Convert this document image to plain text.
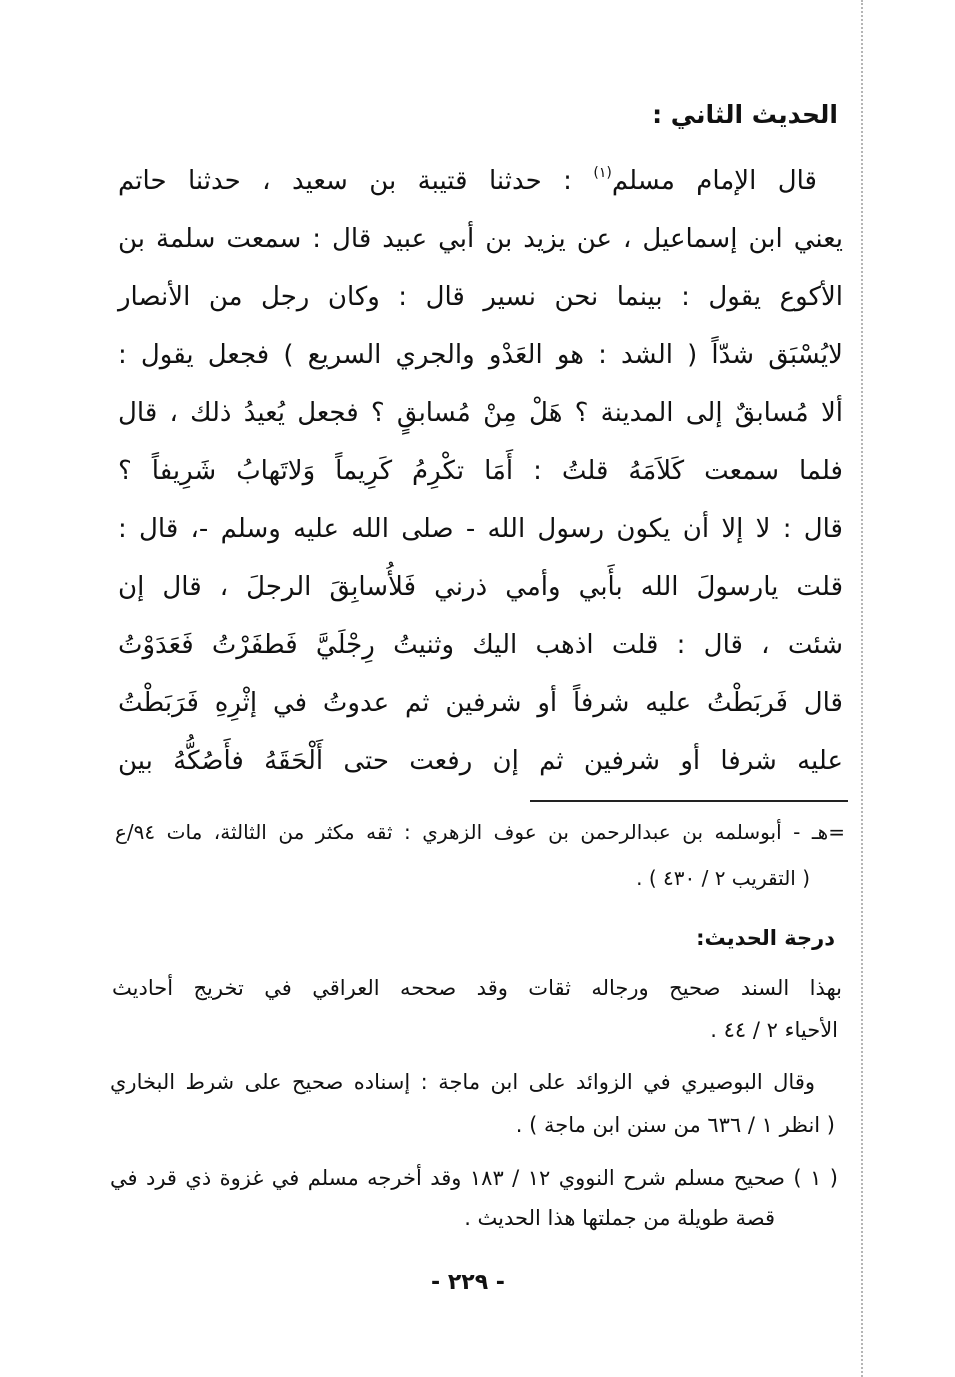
الحديث الثاني :
قال الإمام مسلم$^{(١)}$ : حدثنا قتيبة بن سعيد ، حدثنا حاتم
يعني ابن إسماعيل ، عن يزيد بن أبي عبيد قال : سمعت سلمة بن
الأكوع يقول : بينما نحن نسير قال : وكان رجل من الأنصار
لايُسْبَق شدّاً ( الشد : هو العَدْو والجري السريع ) فجعل يقول :
ألا مُسابقٌ إلى المدينة ؟ هَلْ مِنْ مُسابقٍ ؟ فجعل يُعيدُ ذلك ، قال
فلما سمعت كَلاَمَهُ قلتُ : أَمَا تكْرِمُ كَرِيماً وَلاتَهابُ شَرِيفاً ؟
قال : لا إلا أن يكون رسول الله - صلى الله عليه وسلم -، قال :
قلت يارسولَ الله بأَبي وأمي ذرني فَلأُسابِقَ الرجلَ ، قال إن
شئت ، قال : قلت اذهب اليك وثنيتُ رِجْلَيَّ فَطفَرْتُ فَعَدَوْتُ
قال فَربَطْتُ عليه شرفاً أو شرفين ثم عدوتُ في إثْرِهِ فَرَبَطْتُ
عليه شرفا أو شرفين ثم إن رفعت حتى أَلْحَقَهُ فأَصُكُّهُ بين
=هـ - أبوسلمه بن عبدالرحمن بن عوف الزهري : ثقه مكثر من الثالثة، مات ٩٤/ع
( التقريب ٢ / ٤٣٠ ) .
درجة الحديث:
بهذا السند صحيح ورجاله ثقات وقد صححه العراقي في تخريج أحاديث
الأحياء ٢ / ٤٤ .
وقال البوصيري في الزوائد على ابن ماجة : إسناده صحيح على شرط البخاري
( انظر ١ / ٦٣٦ من سنن ابن ماجة ) .
( ١ ) صحيح مسلم شرح النووي ١٢ / ١٨٣ وقد أخرجه مسلم في غزوة ذي قرد في
قصة طويلة من جملتها هذا الحديث .
- ٢٢٩ -
